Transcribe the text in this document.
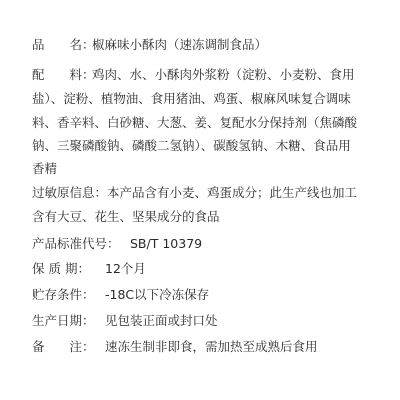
品　　名：
椒麻味小酥肉（速冻调制食品）
配　　料：
鸡肉、水、小酥肉外浆粉（淀粉、小麦粉、食用
盐）、淀粉、植物油、食用猪油、鸡蛋、椒麻风味复合调味
料、香辛料、白砂糖、大葱、姜、复配水分保持剂（焦磷酸
钠、三聚磷酸钠、磷酸二氢钠）、碳酸氢钠、木糖、食品用
香精
过敏原信息：本产品含有小麦、鸡蛋成分；此生产线也加工
含有大豆、花生、坚果成分的食品
产品标准代号： SB/T 10379
保 质 期： 12个月
贮存条件： -18C以下冷冻保存
生产日期： 见包装正面或封口处
备　　注： 速冻生制非即食，需加热至成熟后食用
